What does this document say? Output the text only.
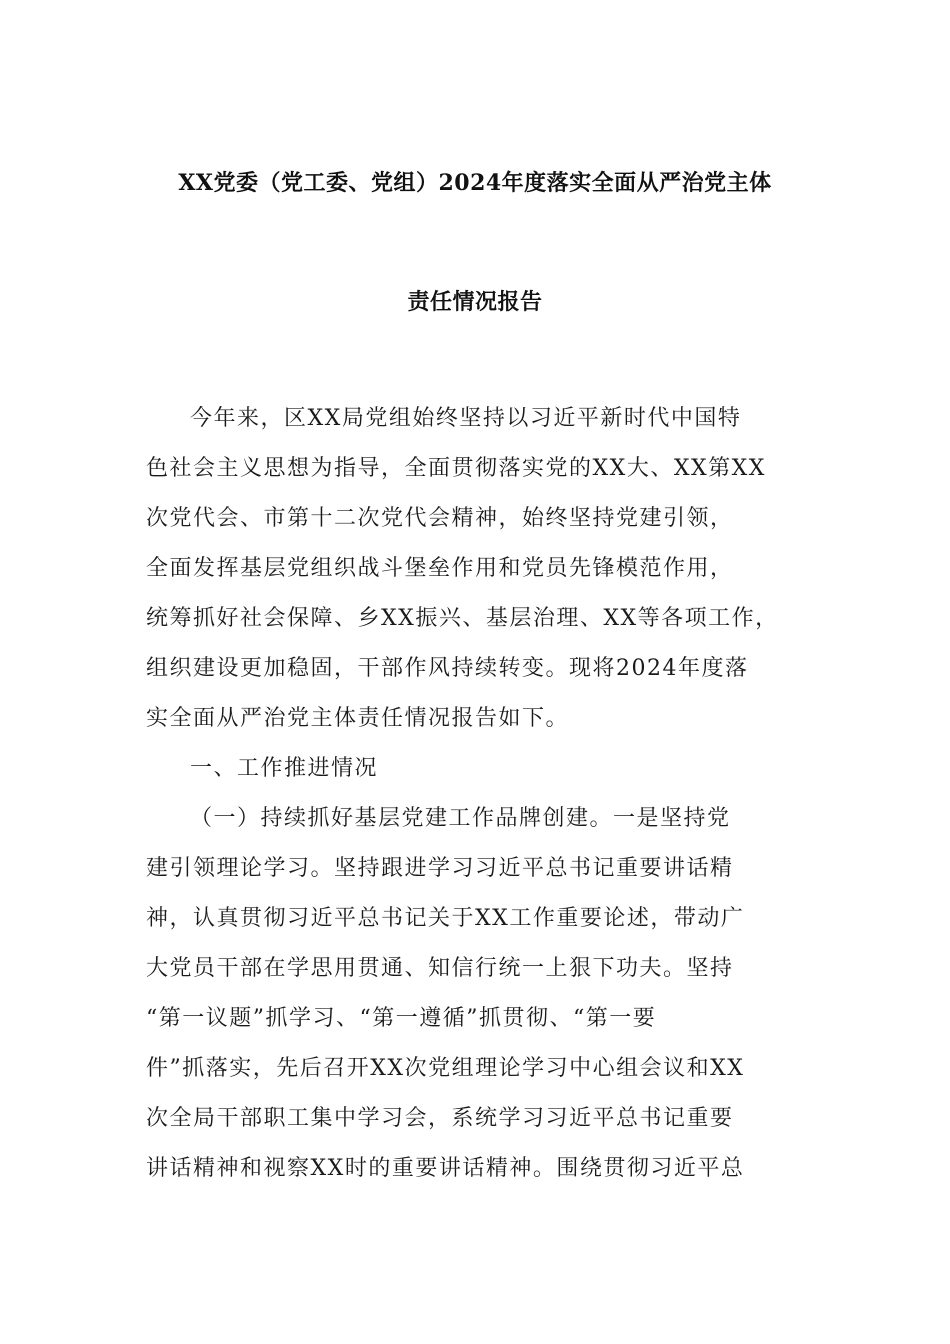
XX党委（党工委、党组）2024年度落实全面从严治党主体
责任情况报告
今年来，区XX局党组始终坚持以习近平新时代中国特
色社会主义思想为指导，全面贯彻落实党的XX大、XX第XX
次党代会、市第十二次党代会精神，始终坚持党建引领，
全面发挥基层党组织战斗堡垒作用和党员先锋模范作用，
统筹抓好社会保障、乡XX振兴、基层治理、XX等各项工作，
组织建设更加稳固，干部作风持续转变。现将2024年度落
实全面从严治党主体责任情况报告如下。
一、工作推进情况
（一）持续抓好基层党建工作品牌创建。一是坚持党
建引领理论学习。坚持跟进学习习近平总书记重要讲话精
神，认真贯彻习近平总书记关于XX工作重要论述，带动广
大党员干部在学思用贯通、知信行统一上狠下功夫。坚持
“第一议题”抓学习、“第一遵循”抓贯彻、“第一要
件”抓落实，先后召开XX次党组理论学习中心组会议和XX
次全局干部职工集中学习会，系统学习习近平总书记重要
讲话精神和视察XX时的重要讲话精神。围绕贯彻习近平总
